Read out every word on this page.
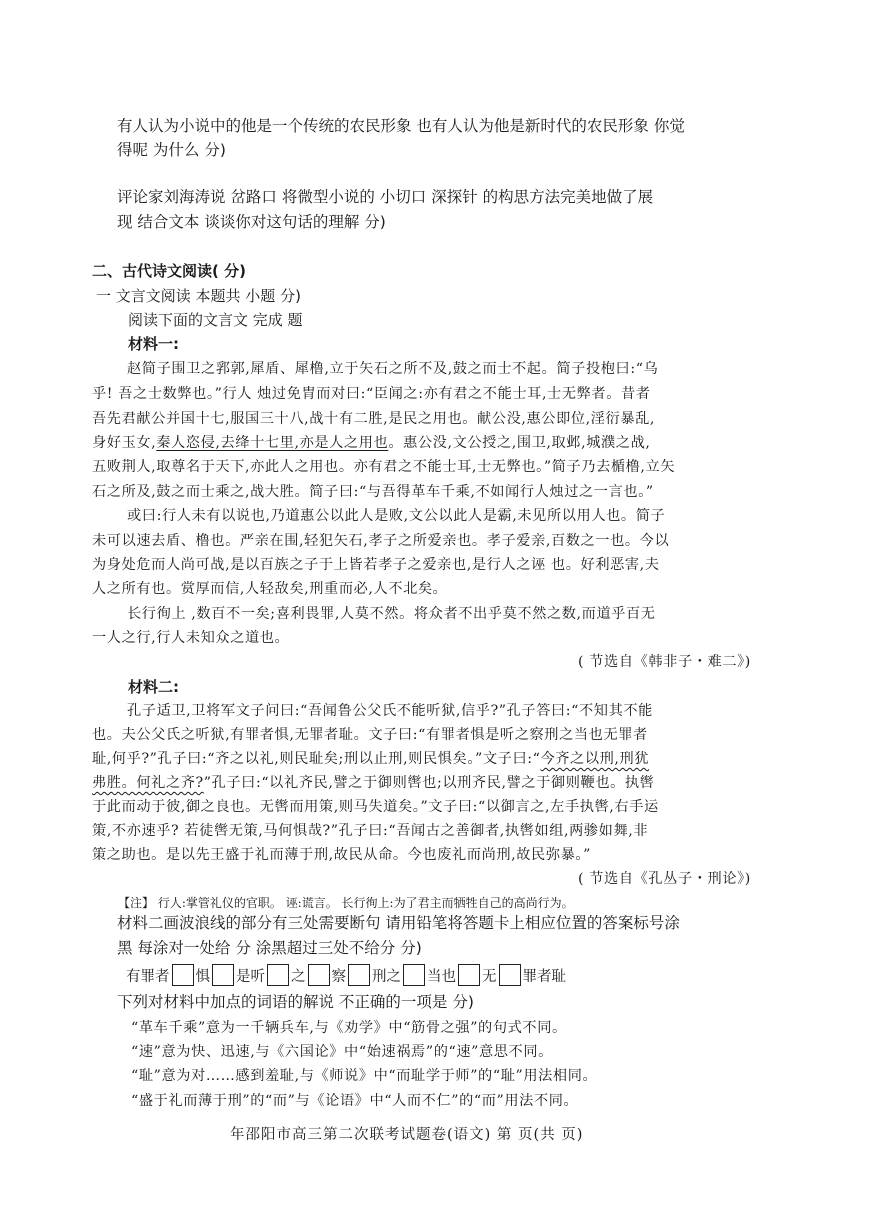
有人认为小说中的他是一个传统的农民形象 也有人认为他是新时代的农民形象 你觉
得呢 为什么 分)
评论家刘海涛说 岔路口 将微型小说的 小切口 深探针 的构思方法完美地做了展
现 结合文本 谈谈你对这句话的理解 分)
二、古代诗文阅读( 分)
一 文言文阅读 本题共 小题 分)
阅读下面的文言文 完成 题
材料一:
赵简子围卫之郛郭,犀盾、犀橹,立于矢石之所不及,鼓之而士不起。简子投枹曰:“乌
乎! 吾之士数弊也。”行人 烛过免胄而对曰:“臣闻之:亦有君之不能士耳,士无弊者。昔者
吾先君献公并国十七,服国三十八,战十有二胜,是民之用也。献公没,惠公即位,淫衍暴乱,
身好玉女,秦人恣侵,去绛十七里,亦是人之用也。惠公没,文公授之,围卫,取邺,城濮之战,
五败荆人,取尊名于天下,亦此人之用也。亦有君之不能士耳,士无弊也。”简子乃去楯橹,立矢
石之所及,鼓之而士乘之,战大胜。简子曰:“与吾得革车千乘,不如闻行人烛过之一言也。”
或曰:行人未有以说也,乃道惠公以此人是败,文公以此人是霸,未见所以用人也。简子
未可以速去盾、橹也。严亲在围,轻犯矢石,孝子之所爱亲也。孝子爱亲,百数之一也。今以
为身处危而人尚可战,是以百族之子于上皆若孝子之爱亲也,是行人之诬 也。好利恶害,夫
人之所有也。赏厚而信,人轻敌矣,刑重而必,人不北矣。
长行徇上 ,数百不一矣;喜利畏罪,人莫不然。将众者不出乎莫不然之数,而道乎百无
一人之行,行人未知众之道也。
( 节选自《韩非子・难二》)
材料二:
孔子适卫,卫将军文子问曰:“吾闻鲁公父氏不能听狱,信乎?”孔子答曰:“不知其不能
也。夫公父氏之听狱,有罪者惧,无罪者耻。文子曰:“有罪者惧是听之察刑之当也无罪者
耻,何乎?”孔子曰:“齐之以礼,则民耻矣;刑以止刑,则民惧矣。”文子曰:“今齐之以刑,刑犹
弗胜。何礼之齐?”孔子曰:“以礼齐民,譬之于御则辔也;以刑齐民,譬之于御则鞭也。执辔
于此而动于彼,御之良也。无辔而用策,则马失道矣。”文子曰:“以御言之,左手执辔,右手运
策,不亦速乎? 若徒辔无策,马何惧哉?”孔子曰:“吾闻古之善御者,执辔如组,两骖如舞,非
策之助也。是以先王盛于礼而薄于刑,故民从命。今也废礼而尚刑,故民弥暴。”
( 节选自《孔丛子・刑论》)
【注】 行人:掌管礼仪的官职。 诬:谎言。 长行徇上:为了君主而牺牲自己的高尚行为。
材料二画波浪线的部分有三处需要断句 请用铅笔将答题卡上相应位置的答案标号涂
黑 每涂对一处给 分 涂黑超过三处不给分 分)
有罪者 惧 是听 之 察 刑之 当也 无 罪者耻
下列对材料中加点的词语的解说 不正确的一项是 分)
“革车千乘”意为一千辆兵车,与《劝学》中“筋骨之强”的句式不同。
“速”意为快、迅速,与《六国论》中“始速祸焉”的“速”意思不同。
“耻”意为对……感到羞耻,与《师说》中“而耻学于师”的“耻”用法相同。
“盛于礼而薄于刑”的“而”与《论语》中“人而不仁”的“而”用法不同。
年邵阳市高三第二次联考试题卷(语文) 第 页(共 页)
